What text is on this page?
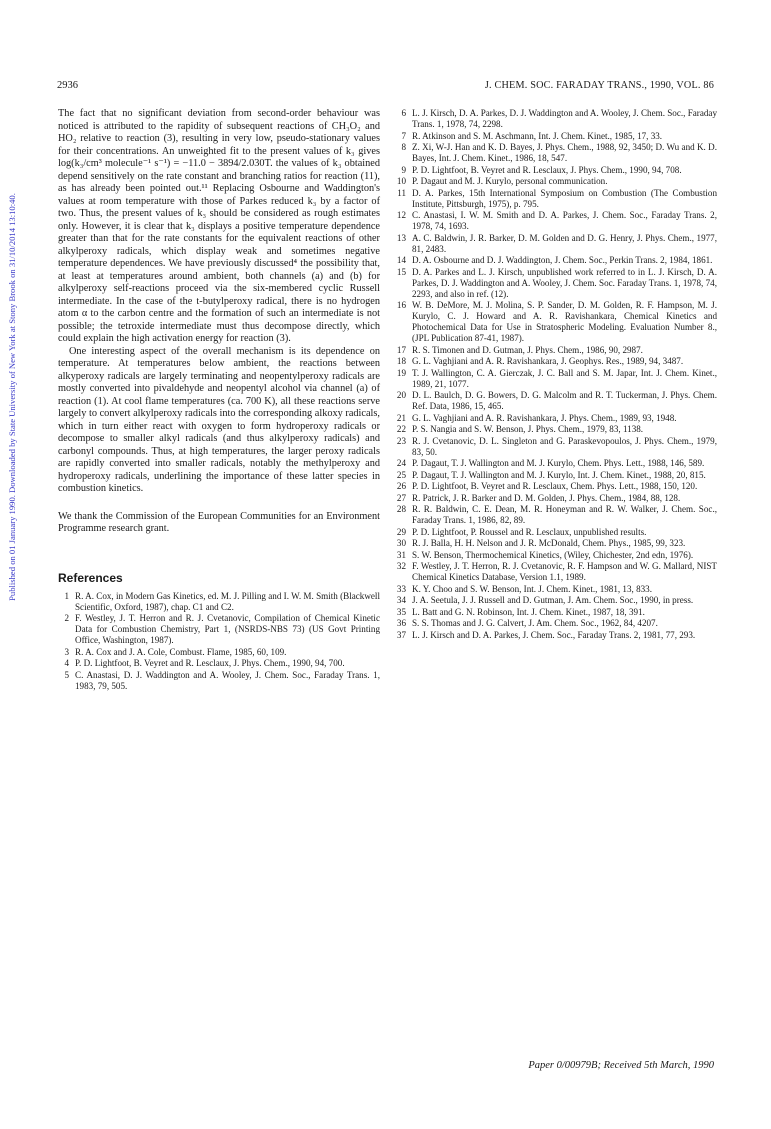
Published on 01 January 1990. Downloaded by State University of New York at Stony Brook on 31/10/2014 13:10:40.
2936	J. CHEM. SOC. FARADAY TRANS., 1990, VOL. 86

The fact that no significant deviation from second-order behaviour was noticed is attributed to the rapidity of subsequent reactions of CH₃O₂ and HO₂ relative to reaction (3), resulting in very low, pseudo-stationary values for their concentrations. An unweighted fit to the present values of k₃ gives log(k₃/cm³ molecule⁻¹ s⁻¹) = −11.0 − 3894/2.030T. the values of k₃ obtained depend sensitively on the rate constant and branching ratios for reaction (11), as has already been pointed out.¹¹ Replacing Osbourne and Waddington's values at room temperature with those of Parkes reduced k₃ by a factor of two. Thus, the present values of k₃ should be considered as rough estimates only. However, it is clear that k₃ displays a positive temperature dependence greater than that for the rate constants for the equivalent reactions of other alkylperoxy radicals, which display weak and sometimes negative temperature dependences. We have previously discussed⁴ the possibility that, at least at temperatures around ambient, both channels (a) and (b) for alkylperoxy self-reactions proceed via the six-membered cyclic Russell intermediate. In the case of the t-butylperoxy radical, there is no hydrogen atom α to the carbon centre and the formation of such an intermediate is not possible; the tetroxide intermediate must thus decompose directly, which could explain the high activation energy for reaction (3).

One interesting aspect of the overall mechanism is its dependence on temperature. At temperatures below ambient, the reactions between alkyperoxy radicals are largely terminating and neopentylperoxy radicals are mostly converted into pivaldehyde and neopentyl alcohol via channel (a) of reaction (1). At cool flame temperatures (ca. 700 K), all these reactions serve largely to convert alkylperoxy radicals into the corresponding alkoxy radicals, which in turn either react with oxygen to form hydroperoxy radicals or decompose to smaller alkyl radicals (and thus alkylperoxy radicals) and carbonyl compounds. Thus, at high temperatures, the larger peroxy radicals are rapidly converted into smaller radicals, notably the methylperoxy and hydroperoxy radicals, underlining the importance of these latter species in combustion kinetics.

We thank the Commission of the European Communities for an Environment Programme research grant.

References
1 R. A. Cox, in Modern Gas Kinetics, ed. M. J. Pilling and I. W. M. Smith (Blackwell Scientific, Oxford, 1987), chap. C1 and C2.
2 F. Westley, J. T. Herron and R. J. Cvetanovic, Compilation of Chemical Kinetic Data for Combustion Chemistry, Part 1, (NSRDS-NBS 73) (US Govt Printing Office, Washington, 1987).
3 R. A. Cox and J. A. Cole, Combust. Flame, 1985, 60, 109.
4 P. D. Lightfoot, B. Veyret and R. Lesclaux, J. Phys. Chem., 1990, 94, 700.
5 C. Anastasi, D. J. Waddington and A. Wooley, J. Chem. Soc., Faraday Trans. 1, 1983, 79, 505.
6 L. J. Kirsch, D. A. Parkes, D. J. Waddington and A. Wooley, J. Chem. Soc., Faraday Trans. 1, 1978, 74, 2298.
7 R. Atkinson and S. M. Aschmann, Int. J. Chem. Kinet., 1985, 17, 33.
8 Z. Xi, W-J. Han and K. D. Bayes, J. Phys. Chem., 1988, 92, 3450; D. Wu and K. D. Bayes, Int. J. Chem. Kinet., 1986, 18, 547.
9 P. D. Lightfoot, B. Veyret and R. Lesclaux, J. Phys. Chem., 1990, 94, 708.
10 P. Dagaut and M. J. Kurylo, personal communication.
11 D. A. Parkes, 15th International Symposium on Combustion (The Combustion Institute, Pittsburgh, 1975), p. 795.
12 C. Anastasi, I. W. M. Smith and D. A. Parkes, J. Chem. Soc., Faraday Trans. 2, 1978, 74, 1693.
13 A. C. Baldwin, J. R. Barker, D. M. Golden and D. G. Henry, J. Phys. Chem., 1977, 81, 2483.
14 D. A. Osbourne and D. J. Waddington, J. Chem. Soc., Perkin Trans. 2, 1984, 1861.
15 D. A. Parkes and L. J. Kirsch, unpublished work referred to in L. J. Kirsch, D. A. Parkes, D. J. Waddington and A. Wooley, J. Chem. Soc. Faraday Trans. 1, 1978, 74, 2293, and also in ref. (12).
16 W. B. DeMore, M. J. Molina, S. P. Sander, D. M. Golden, R. F. Hampson, M. J. Kurylo, C. J. Howard and A. R. Ravishankara, Chemical Kinetics and Photochemical Data for Use in Stratospheric Modeling. Evaluation Number 8., (JPL Publication 87-41, 1987).
17 R. S. Timonen and D. Gutman, J. Phys. Chem., 1986, 90, 2987.
18 G. L. Vaghjiani and A. R. Ravishankara, J. Geophys. Res., 1989, 94, 3487.
19 T. J. Wallington, C. A. Gierczak, J. C. Ball and S. M. Japar, Int. J. Chem. Kinet., 1989, 21, 1077.
20 D. L. Baulch, D. G. Bowers, D. G. Malcolm and R. T. Tuckerman, J. Phys. Chem. Ref. Data, 1986, 15, 465.
21 G. L. Vaghjiani and A. R. Ravishankara, J. Phys. Chem., 1989, 93, 1948.
22 P. S. Nangia and S. W. Benson, J. Phys. Chem., 1979, 83, 1138.
23 R. J. Cvetanovic, D. L. Singleton and G. Paraskevopoulos, J. Phys. Chem., 1979, 83, 50.
24 P. Dagaut, T. J. Wallington and M. J. Kurylo, Chem. Phys. Lett., 1988, 146, 589.
25 P. Dagaut, T. J. Wallington and M. J. Kurylo, Int. J. Chem. Kinet., 1988, 20, 815.
26 P. D. Lightfoot, B. Veyret and R. Lesclaux, Chem. Phys. Lett., 1988, 150, 120.
27 R. Patrick, J. R. Barker and D. M. Golden, J. Phys. Chem., 1984, 88, 128.
28 R. R. Baldwin, C. E. Dean, M. R. Honeyman and R. W. Walker, J. Chem. Soc., Faraday Trans. 1, 1986, 82, 89.
29 P. D. Lightfoot, P. Roussel and R. Lesclaux, unpublished results.
30 R. J. Balla, H. H. Nelson and J. R. McDonald, Chem. Phys., 1985, 99, 323.
31 S. W. Benson, Thermochemical Kinetics, (Wiley, Chichester, 2nd edn, 1976).
32 F. Westley, J. T. Herron, R. J. Cvetanovic, R. F. Hampson and W. G. Mallard, NIST Chemical Kinetics Database, Version 1.1, 1989.
33 K. Y. Choo and S. W. Benson, Int. J. Chem. Kinet., 1981, 13, 833.
34 J. A. Seetula, J. J. Russell and D. Gutman, J. Am. Chem. Soc., 1990, in press.
35 L. Batt and G. N. Robinson, Int. J. Chem. Kinet., 1987, 18, 391.
36 S. S. Thomas and J. G. Calvert, J. Am. Chem. Soc., 1962, 84, 4207.
37 L. J. Kirsch and D. A. Parkes, J. Chem. Soc., Faraday Trans. 2, 1981, 77, 293.
Paper 0/00979B; Received 5th March, 1990
